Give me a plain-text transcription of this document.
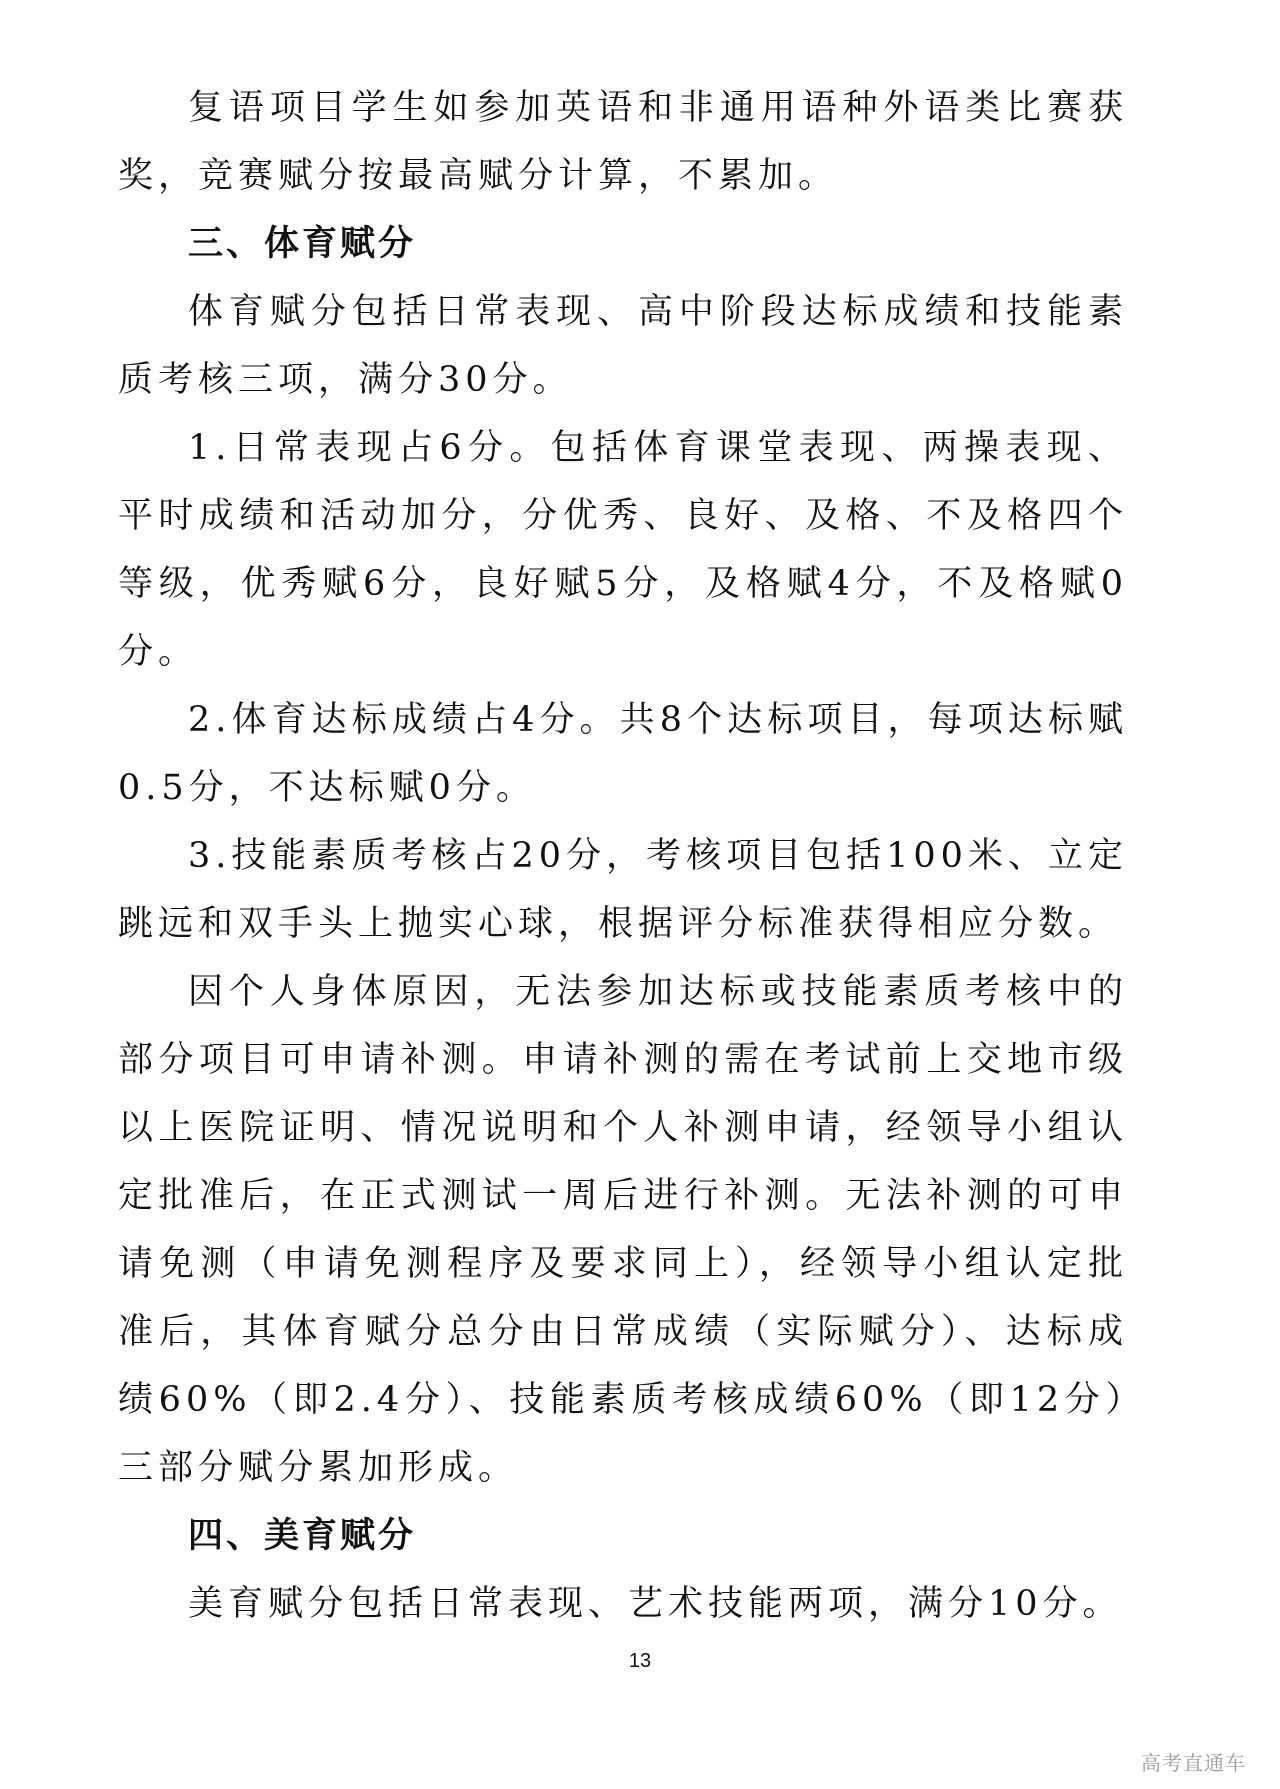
复语项目学生如参加英语和非通用语种外语类比赛获奖，竞赛赋分按最高赋分计算，不累加。

三、体育赋分

体育赋分包括日常表现、高中阶段达标成绩和技能素质考核三项，满分30分。

1.日常表现占6分。包括体育课堂表现、两操表现、平时成绩和活动加分，分优秀、良好、及格、不及格四个等级，优秀赋6分，良好赋5分，及格赋4分，不及格赋0分。

2.体育达标成绩占4分。共8个达标项目，每项达标赋0.5分，不达标赋0分。

3.技能素质考核占20分，考核项目包括100米、立定跳远和双手头上抛实心球，根据评分标准获得相应分数。

因个人身体原因，无法参加达标或技能素质考核中的部分项目可申请补测。申请补测的需在考试前上交地市级以上医院证明、情况说明和个人补测申请，经领导小组认定批准后，在正式测试一周后进行补测。无法补测的可申请免测（申请免测程序及要求同上），经领导小组认定批准后，其体育赋分总分由日常成绩（实际赋分）、达标成绩60%（即2.4分）、技能素质考核成绩60%（即12分）三部分赋分累加形成。

四、美育赋分

美育赋分包括日常表现、艺术技能两项，满分10分。

13
高考直通车
